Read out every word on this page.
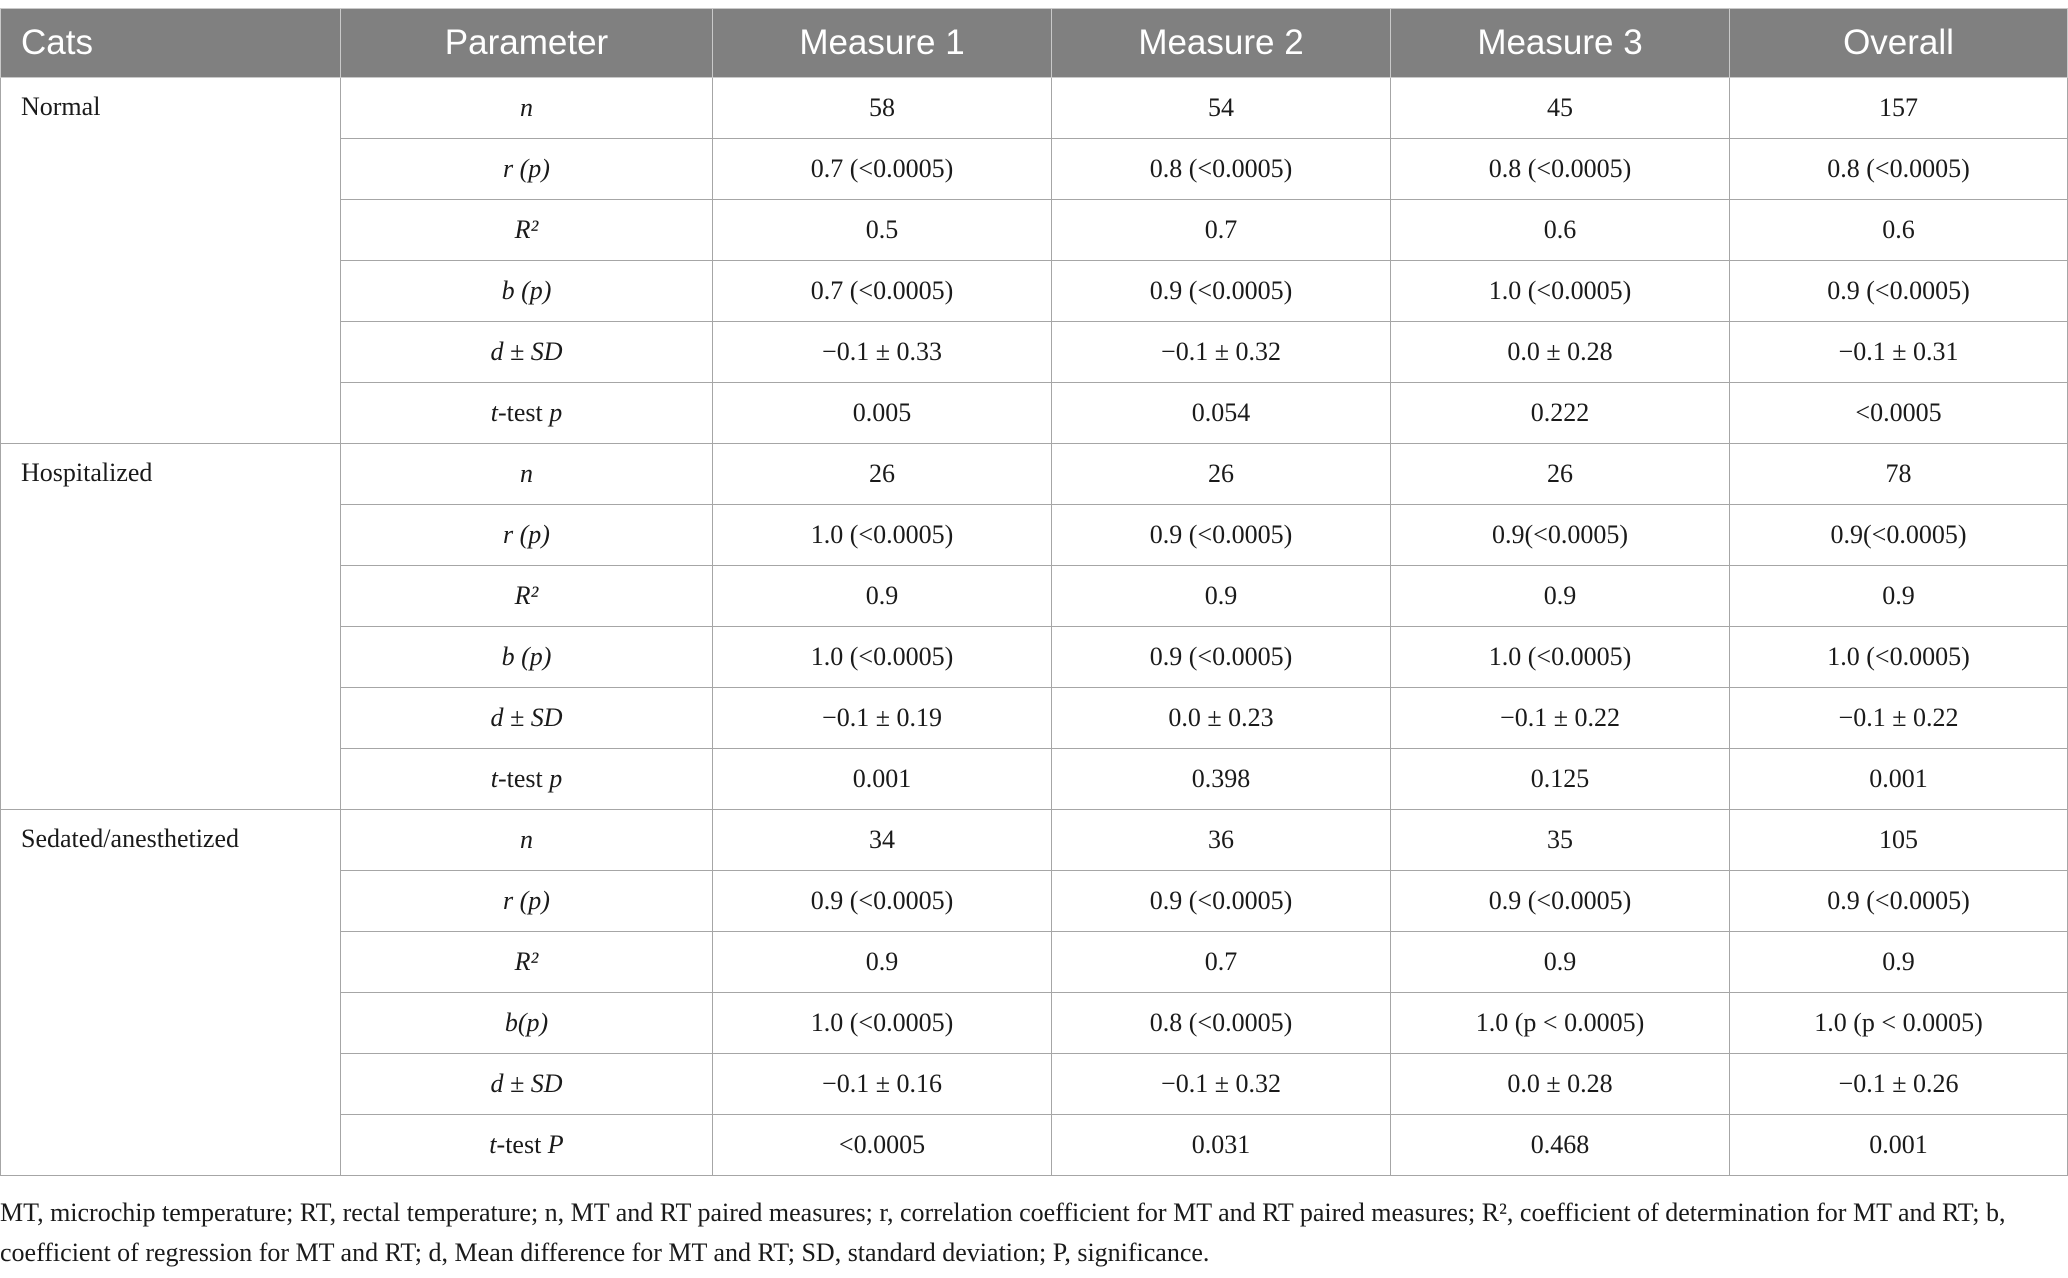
Cats	Parameter	Measure 1	Measure 2	Measure 3	Overall
Normal	n	58	54	45	157
	r (p)	0.7 (<0.0005)	0.8 (<0.0005)	0.8 (<0.0005)	0.8 (<0.0005)
	R²	0.5	0.7	0.6	0.6
	b (p)	0.7 (<0.0005)	0.9 (<0.0005)	1.0 (<0.0005)	0.9 (<0.0005)
	d ± SD	−0.1 ± 0.33	−0.1 ± 0.32	0.0 ± 0.28	−0.1 ± 0.31
	t-test p	0.005	0.054	0.222	<0.0005
Hospitalized	n	26	26	26	78
	r (p)	1.0 (<0.0005)	0.9 (<0.0005)	0.9(<0.0005)	0.9(<0.0005)
	R²	0.9	0.9	0.9	0.9
	b (p)	1.0 (<0.0005)	0.9 (<0.0005)	1.0 (<0.0005)	1.0 (<0.0005)
	d ± SD	−0.1 ± 0.19	0.0 ± 0.23	−0.1 ± 0.22	−0.1 ± 0.22
	t-test p	0.001	0.398	0.125	0.001
Sedated/anesthetized	n	34	36	35	105
	r (p)	0.9 (<0.0005)	0.9 (<0.0005)	0.9 (<0.0005)	0.9 (<0.0005)
	R²	0.9	0.7	0.9	0.9
	b(p)	1.0 (<0.0005)	0.8 (<0.0005)	1.0 (p < 0.0005)	1.0 (p < 0.0005)
	d ± SD	−0.1 ± 0.16	−0.1 ± 0.32	0.0 ± 0.28	−0.1 ± 0.26
	t-test P	<0.0005	0.031	0.468	0.001

MT, microchip temperature; RT, rectal temperature; n, MT and RT paired measures; r, correlation coefficient for MT and RT paired measures; R², coefficient of determination for MT and RT; b, coefficient of regression for MT and RT; d, Mean difference for MT and RT; SD, standard deviation; P, significance.
